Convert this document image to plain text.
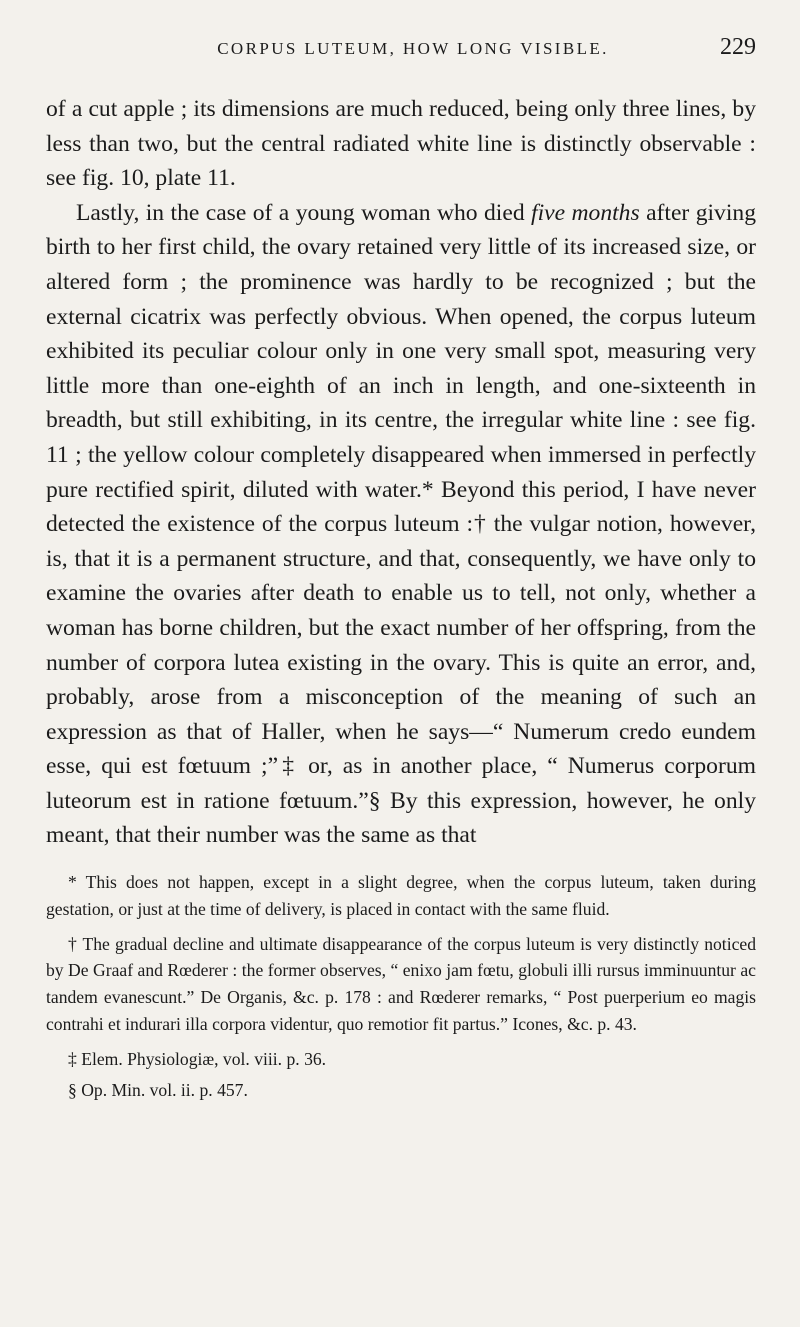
CORPUS LUTEUM, HOW LONG VISIBLE.	229

of a cut apple ; its dimensions are much reduced, being only three lines, by less than two, but the central radiated white line is distinctly observable : see fig. 10, plate 11.

Lastly, in the case of a young woman who died five months after giving birth to her first child, the ovary retained very little of its increased size, or altered form ; the prominence was hardly to be recognized ; but the external cicatrix was perfectly obvious. When opened, the corpus luteum exhibited its peculiar colour only in one very small spot, measuring very little more than one-eighth of an inch in length, and one-sixteenth in breadth, but still exhibiting, in its centre, the irregular white line : see fig. 11 ; the yellow colour completely disappeared when immersed in perfectly pure rectified spirit, diluted with water.* Beyond this period, I have never detected the existence of the corpus luteum :† the vulgar notion, however, is, that it is a permanent structure, and that, consequently, we have only to examine the ovaries after death to enable us to tell, not only, whether a woman has borne children, but the exact number of her offspring, from the number of corpora lutea existing in the ovary. This is quite an error, and, probably, arose from a misconception of the meaning of such an expression as that of Haller, when he says—“ Numerum credo eundem esse, qui est fœtuum ;”‡ or, as in another place, “ Numerus corporum luteorum est in ratione fœtuum.”§ By this expression, however, he only meant, that their number was the same as that

* This does not happen, except in a slight degree, when the corpus luteum, taken during gestation, or just at the time of delivery, is placed in contact with the same fluid.

† The gradual decline and ultimate disappearance of the corpus luteum is very distinctly noticed by De Graaf and Rœderer : the former observes, “ enixo jam fœtu, globuli illi rursus imminuuntur ac tandem evanescunt.” De Organis, &c. p. 178 : and Rœderer remarks, “ Post puerperium eo magis contrahi et indurari illa corpora videntur, quo remotior fit partus.” Icones, &c. p. 43.

‡ Elem. Physiologiæ, vol. viii. p. 36.

§ Op. Min. vol. ii. p. 457.
